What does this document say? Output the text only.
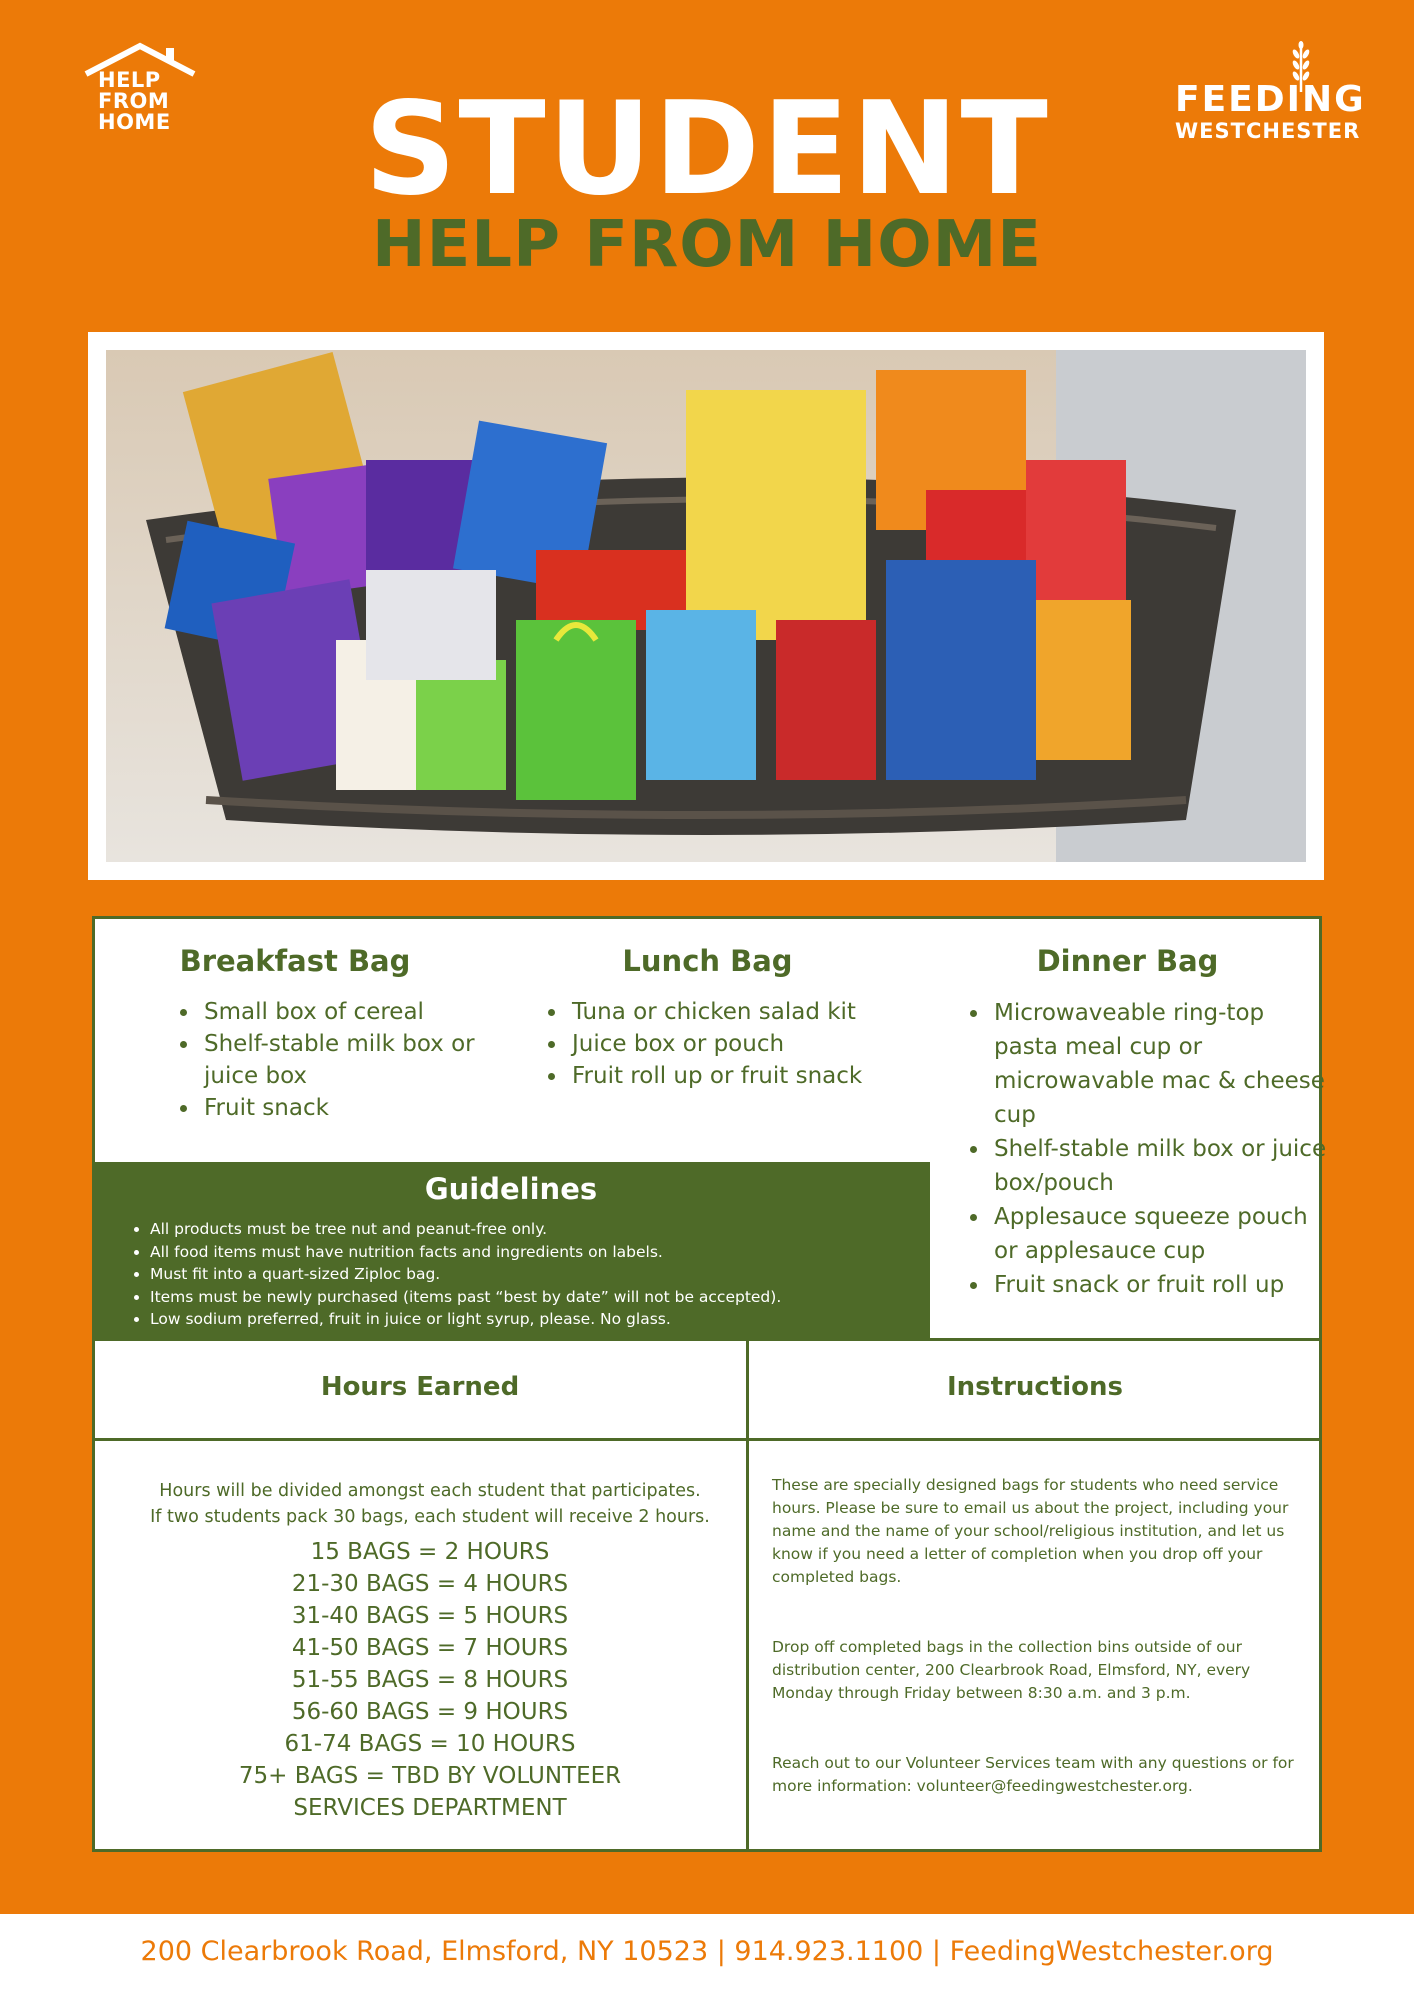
HELP
FROM
HOME
FEEDING
WESTCHESTER
STUDENT
HELP FROM HOME
Breakfast Bag
• Small box of cereal
• Shelf-stable milk box or juice box
• Fruit snack
Lunch Bag
• Tuna or chicken salad kit
• Juice box or pouch
• Fruit roll up or fruit snack
Dinner Bag
• Microwaveable ring-top pasta meal cup or microwavable mac & cheese cup
• Shelf-stable milk box or juice box/pouch
• Applesauce squeeze pouch or applesauce cup
• Fruit snack or fruit roll up
Guidelines
• All products must be tree nut and peanut-free only.
• All food items must have nutrition facts and ingredients on labels.
• Must fit into a quart-sized Ziploc bag.
• Items must be newly purchased (items past “best by date” will not be accepted).
• Low sodium preferred, fruit in juice or light syrup, please. No glass.
Hours Earned
Hours will be divided amongst each student that participates.
If two students pack 30 bags, each student will receive 2 hours.
15 BAGS = 2 HOURS
21-30 BAGS = 4 HOURS
31-40 BAGS = 5 HOURS
41-50 BAGS = 7 HOURS
51-55 BAGS = 8 HOURS
56-60 BAGS = 9 HOURS
61-74 BAGS = 10 HOURS
75+ BAGS = TBD BY VOLUNTEER
SERVICES DEPARTMENT
Instructions

These are specially designed bags for students who need service hours. Please be sure to email us about the project, including your name and the name of your school/religious institution, and let us know if you need a letter of completion when you drop off your completed bags.

Drop off completed bags in the collection bins outside of our distribution center, 200 Clearbrook Road, Elmsford, NY, every Monday through Friday between 8:30 a.m. and 3 p.m.

Reach out to our Volunteer Services team with any questions or for more information: volunteer@feedingwestchester.org.

200 Clearbrook Road, Elmsford, NY 10523 | 914.923.1100 | FeedingWestchester.org
